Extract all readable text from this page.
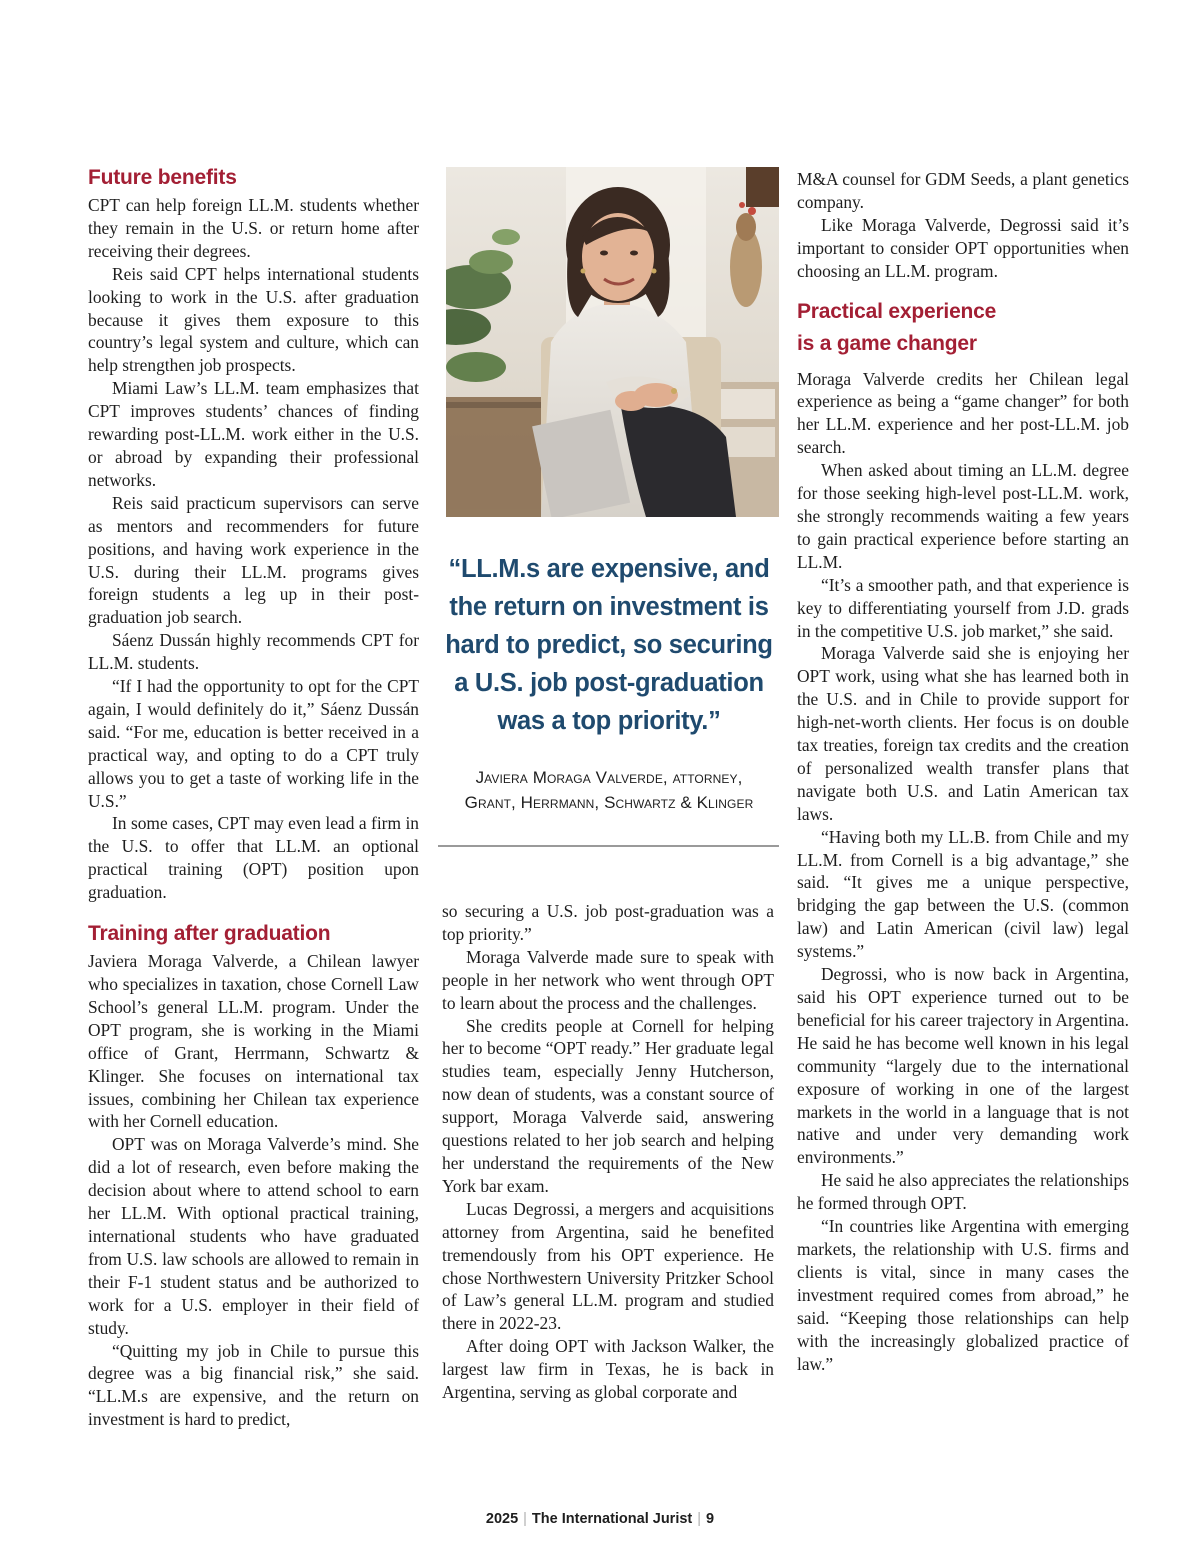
Future benefits

CPT can help foreign LL.M. students whether they remain in the U.S. or return home after receiving their degrees.

Reis said CPT helps international students looking to work in the U.S. after graduation because it gives them exposure to this country’s legal system and culture, which can help strengthen job prospects.

Miami Law’s LL.M. team emphasizes that CPT improves students’ chances of finding rewarding post-LL.M. work either in the U.S. or abroad by expanding their professional networks.

Reis said practicum supervisors can serve as mentors and recommenders for future positions, and having work experience in the U.S. during their LL.M. programs gives foreign students a leg up in their post-graduation job search.

Sáenz Dussán highly recommends CPT for LL.M. students.

“If I had the opportunity to opt for the CPT again, I would definitely do it,” Sáenz Dussán said. “For me, education is better received in a practical way, and opting to do a CPT truly allows you to get a taste of working life in the U.S.”

In some cases, CPT may even lead a firm in the U.S. to offer that LL.M. an optional practical training (OPT) position upon graduation.

Training after graduation

Javiera Moraga Valverde, a Chilean lawyer who specializes in taxation, chose Cornell Law School’s general LL.M. program. Under the OPT program, she is working in the Miami office of Grant, Herrmann, Schwartz & Klinger. She focuses on international tax issues, combining her Chilean tax experience with her Cornell education.

OPT was on Moraga Valverde’s mind. She did a lot of research, even before making the decision about where to attend school to earn her LL.M. With optional practical training, international students who have graduated from U.S. law schools are allowed to remain in their F-1 student status and be authorized to work for a U.S. employer in their field of study.

“Quitting my job in Chile to pursue this degree was a big financial risk,” she said. “LL.M.s are expensive, and the return on investment is hard to predict,

“LL.M.s are expensive, and the return on investment is hard to predict, so securing a U.S. job post-graduation was a top priority.”
Javiera Moraga Valverde, attorney,
Grant, Herrmann, Schwartz & Klinger

so securing a U.S. job post-graduation was a top priority.”

Moraga Valverde made sure to speak with people in her network who went through OPT to learn about the process and the challenges.

She credits people at Cornell for helping her to become “OPT ready.” Her graduate legal studies team, especially Jenny Hutcherson, now dean of students, was a constant source of support, Moraga Valverde said, answering questions related to her job search and helping her understand the requirements of the New York bar exam.

Lucas Degrossi, a mergers and acquisitions attorney from Argentina, said he benefited tremendously from his OPT experience. He chose Northwestern University Pritzker School of Law’s general LL.M. program and studied there in 2022-23.

After doing OPT with Jackson Walker, the largest law firm in Texas, he is back in Argentina, serving as global corporate and

M&A counsel for GDM Seeds, a plant genetics company.

Like Moraga Valverde, Degrossi said it’s important to consider OPT opportunities when choosing an LL.M. program.

Practical experience
is a game changer

Moraga Valverde credits her Chilean legal experience as being a “game changer” for both her LL.M. experience and her post-LL.M. job search.

When asked about timing an LL.M. degree for those seeking high-level post-LL.M. work, she strongly recommends waiting a few years to gain practical experience before starting an LL.M.

“It’s a smoother path, and that experience is key to differentiating yourself from J.D. grads in the competitive U.S. job market,” she said.

Moraga Valverde said she is enjoying her OPT work, using what she has learned both in the U.S. and in Chile to provide support for high-net-worth clients. Her focus is on double tax treaties, foreign tax credits and the creation of personalized wealth transfer plans that navigate both U.S. and Latin American tax laws.

“Having both my LL.B. from Chile and my LL.M. from Cornell is a big advantage,” she said. “It gives me a unique perspective, bridging the gap between the U.S. (common law) and Latin American (civil law) legal systems.”

Degrossi, who is now back in Argentina, said his OPT experience turned out to be beneficial for his career trajectory in Argentina. He said he has become well known in his legal community “largely due to the international exposure of working in one of the largest markets in the world in a language that is not native and under very demanding work environments.”

He said he also appreciates the relationships he formed through OPT.

“In countries like Argentina with emerging markets, the relationship with U.S. firms and clients is vital, since in many cases the investment required comes from abroad,” he said. “Keeping those relationships can help with the increasingly globalized practice of law.”

2025 | The International Jurist | 9
